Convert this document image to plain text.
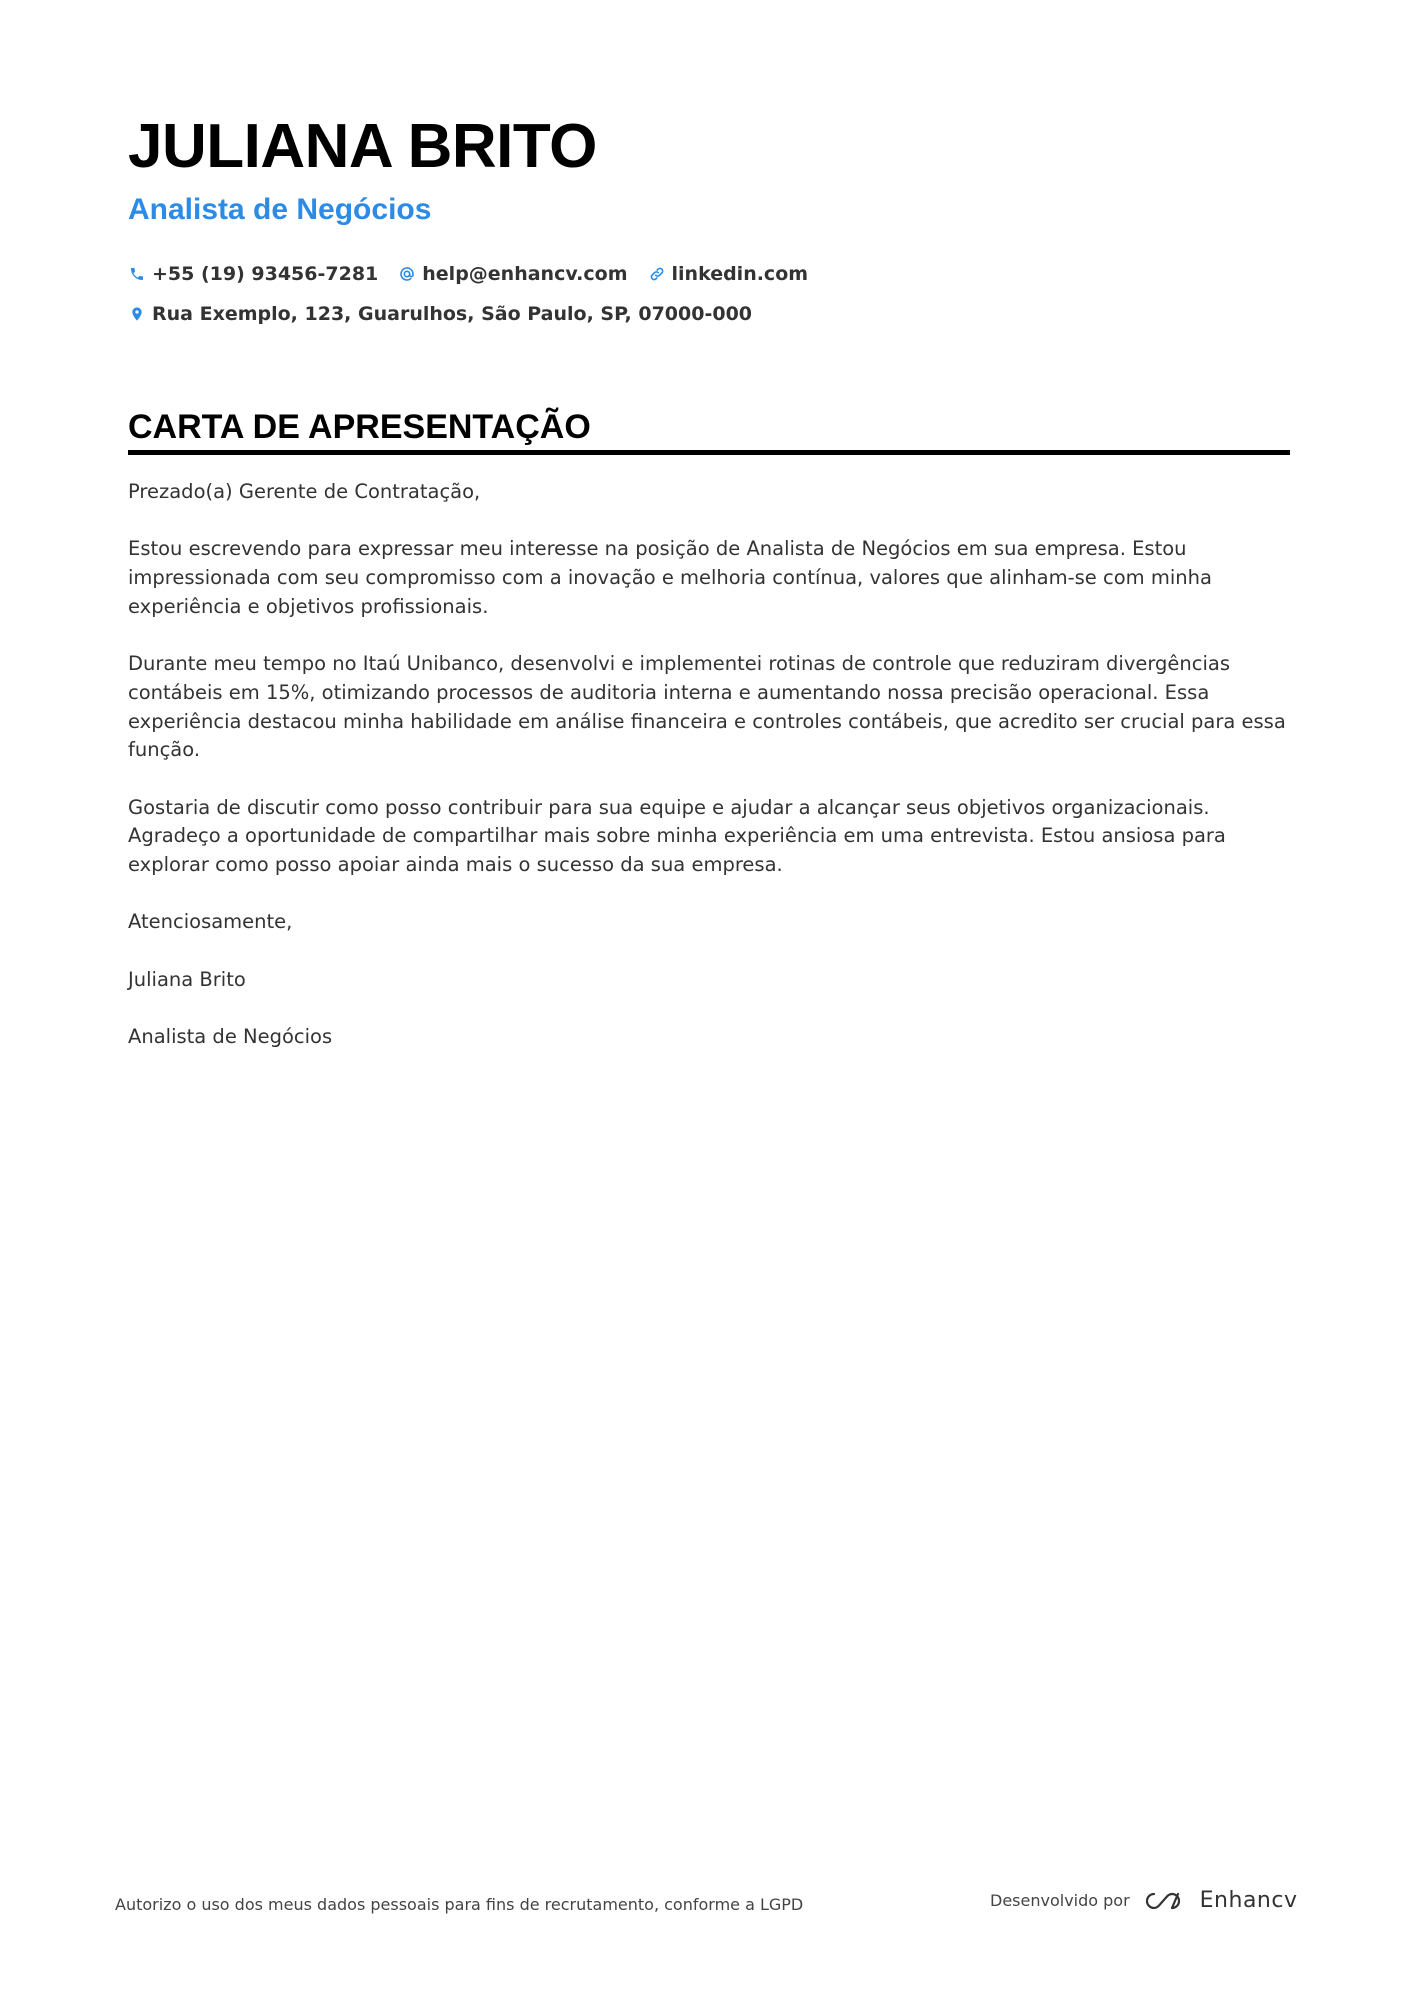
JULIANA BRITO
Analista de Negócios
+55 (19) 93456-7281 help@enhancv.com linkedin.com
Rua Exemplo, 123, Guarulhos, São Paulo, SP, 07000-000
CARTA DE APRESENTAÇÃO

Prezado(a) Gerente de Contratação,

Estou escrevendo para expressar meu interesse na posição de Analista de Negócios em sua empresa. Estou impressionada com seu compromisso com a inovação e melhoria contínua, valores que alinham-se com minha experiência e objetivos profissionais.

Durante meu tempo no Itaú Unibanco, desenvolvi e implementei rotinas de controle que reduziram divergências contábeis em 15%, otimizando processos de auditoria interna e aumentando nossa precisão operacional. Essa experiência destacou minha habilidade em análise financeira e controles contábeis, que acredito ser crucial para essa função.

Gostaria de discutir como posso contribuir para sua equipe e ajudar a alcançar seus objetivos organizacionais. Agradeço a oportunidade de compartilhar mais sobre minha experiência em uma entrevista. Estou ansiosa para explorar como posso apoiar ainda mais o sucesso da sua empresa.

Atenciosamente,

Juliana Brito

Analista de Negócios

Autorizo o uso dos meus dados pessoais para fins de recrutamento, conforme a LGPD	Desenvolvido por	Enhancv
